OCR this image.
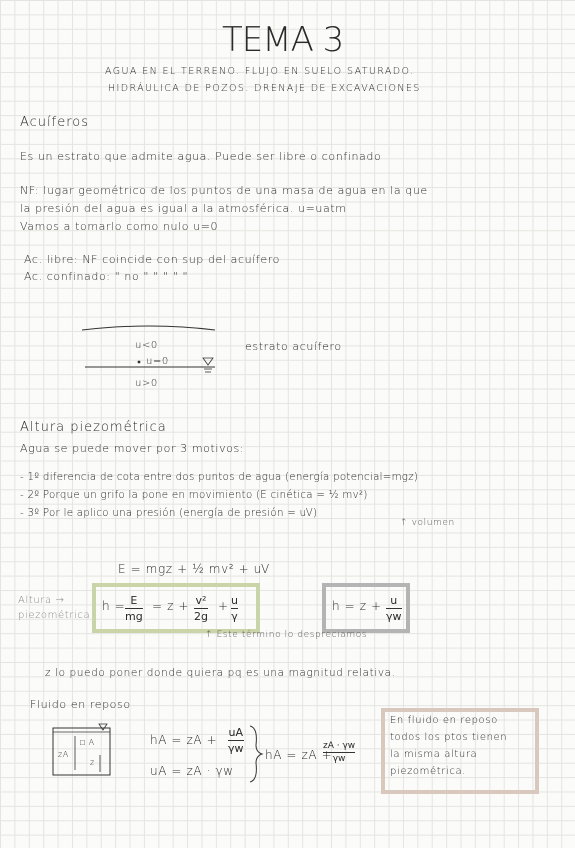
TEMA 3
AGUA EN EL TERRENO. FLUJO EN SUELO SATURADO.
HIDRÁULICA DE POZOS. DRENAJE DE EXCAVACIONES
Acuíferos
Es un estrato que admite agua. Puede ser libre o confinado
NF: lugar geométrico de los puntos de una masa de agua en la que
la presión del agua es igual a la atmosférica. u=uatm
Vamos a tomarlo como nulo u=0
Ac. libre: NF coincide con sup del acuífero
Ac. confinado: " no " " " " "
u<0
u=0
u>0
estrato acuífero
Altura piezométrica
Agua se puede mover por 3 motivos:
- 1º diferencia de cota entre dos puntos de agua (energía potencial=mgz)
- 2º Porque un grifo la pone en movimiento (E cinética = ½ mv²)
- 3º Por le aplico una presión (energía de presión = uV)
↑ volumen
E = mgz + ½ mv² + uV
Altura →
piezométrica
h = E
mg
= z + v²
2g
+ u
γ
h = z + u
γw
↑ Este término lo despreciamos
z lo puedo poner donde quiera pq es una magnitud relativa.
Fluido en reposo
zA
□ A
z
hA = zA +
uA
γw
uA = zA · γw
hA = zA +
zA · γw
γw
En fluido en reposo
todos los ptos tienen
la misma altura
piezométrica.
